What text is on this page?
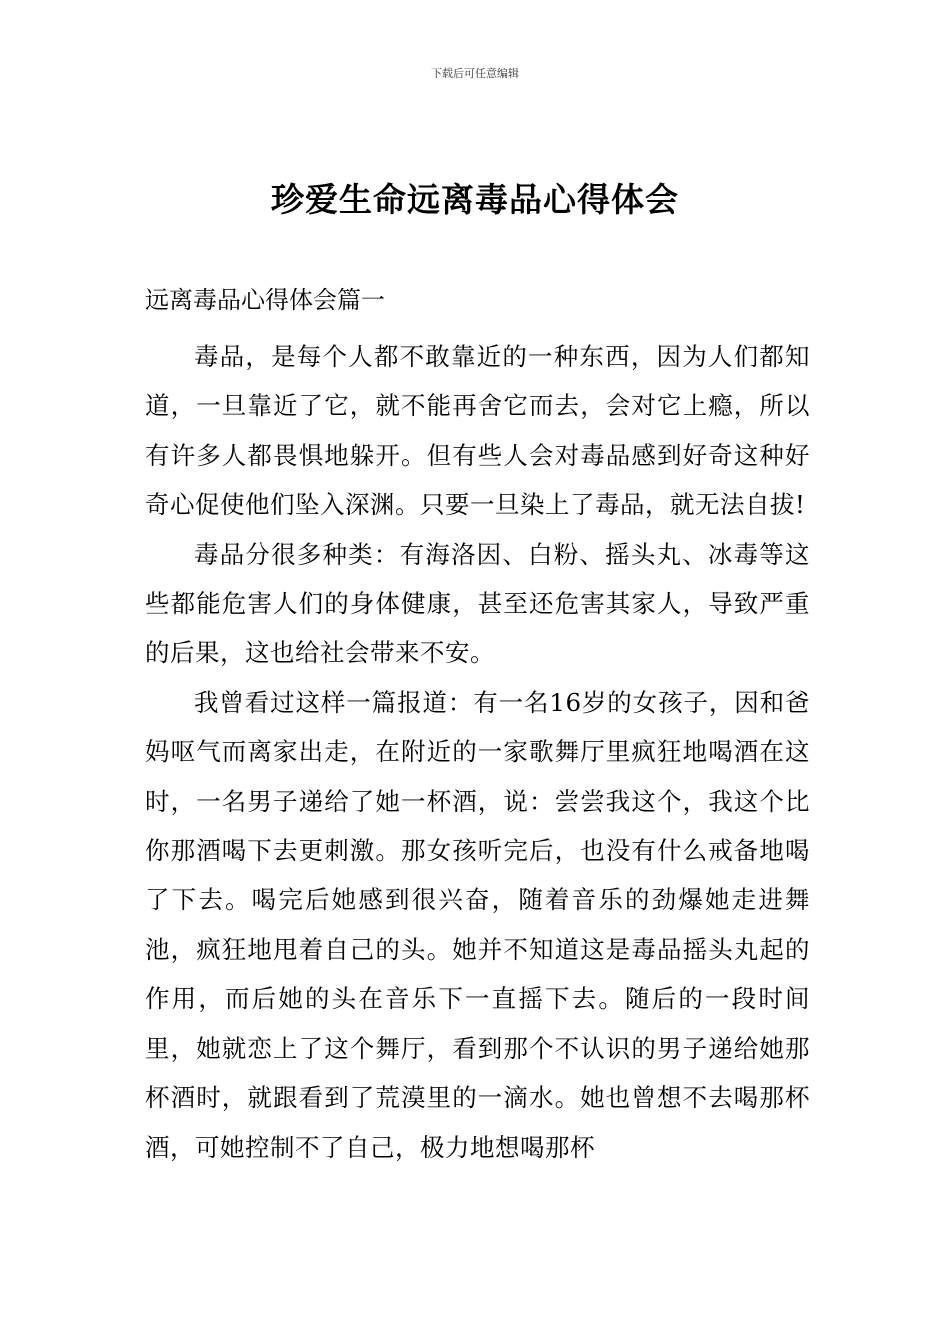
下载后可任意编辑
珍爱生命远离毒品心得体会
远离毒品心得体会篇一

毒品，是每个人都不敢靠近的一种东西，因为人们都知道，一旦靠近了它，就不能再舍它而去，会对它上瘾，所以有许多人都畏惧地躲开。但有些人会对毒品感到好奇这种好奇心促使他们坠入深渊。只要一旦染上了毒品，就无法自拔!

毒品分很多种类：有海洛因、白粉、摇头丸、冰毒等这些都能危害人们的身体健康，甚至还危害其家人，导致严重的后果，这也给社会带来不安。

我曾看过这样一篇报道：有一名16岁的女孩子，因和爸妈呕气而离家出走，在附近的一家歌舞厅里疯狂地喝酒在这时，一名男子递给了她一杯酒，说：尝尝我这个，我这个比你那酒喝下去更刺激。那女孩听完后，也没有什么戒备地喝了下去。喝完后她感到很兴奋，随着音乐的劲爆她走进舞池，疯狂地甩着自己的头。她并不知道这是毒品摇头丸起的作用，而后她的头在音乐下一直摇下去。随后的一段时间里，她就恋上了这个舞厅，看到那个不认识的男子递给她那杯酒时，就跟看到了荒漠里的一滴水。她也曾想不去喝那杯酒，可她控制不了自己，极力地想喝那杯
